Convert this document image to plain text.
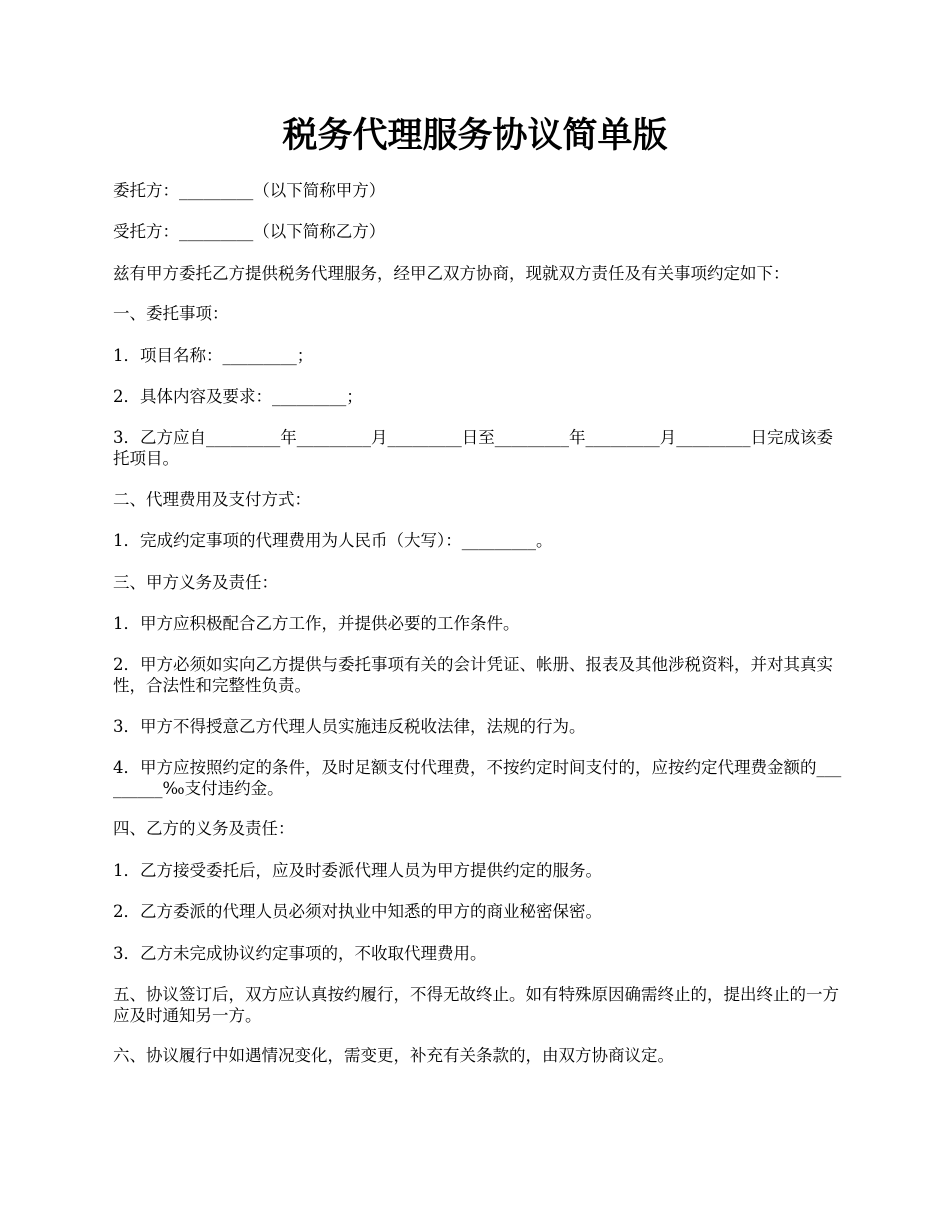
税务代理服务协议简单版

委托方：_________（以下简称甲方）

受托方：_________（以下简称乙方）

兹有甲方委托乙方提供税务代理服务，经甲乙双方协商，现就双方责任及有关事项约定如下：

一、委托事项：

1．项目名称：_________；

2．具体内容及要求：_________；

3．乙方应自_________年_________月_________日至_________年_________月_________日完成该委托项目。

二、代理费用及支付方式：

1．完成约定事项的代理费用为人民币（大写）：_________。

三、甲方义务及责任：

1．甲方应积极配合乙方工作，并提供必要的工作条件。

2．甲方必须如实向乙方提供与委托事项有关的会计凭证、帐册、报表及其他涉税资料，并对其真实性，合法性和完整性负责。

3．甲方不得授意乙方代理人员实施违反税收法律，法规的行为。

4．甲方应按照约定的条件，及时足额支付代理费，不按约定时间支付的，应按约定代理费金额的_________‰支付违约金。

四、乙方的义务及责任：

1．乙方接受委托后，应及时委派代理人员为甲方提供约定的服务。

2．乙方委派的代理人员必须对执业中知悉的甲方的商业秘密保密。

3．乙方未完成协议约定事项的，不收取代理费用。

五、协议签订后，双方应认真按约履行，不得无故终止。如有特殊原因确需终止的，提出终止的一方应及时通知另一方。

六、协议履行中如遇情况变化，需变更，补充有关条款的，由双方协商议定。
